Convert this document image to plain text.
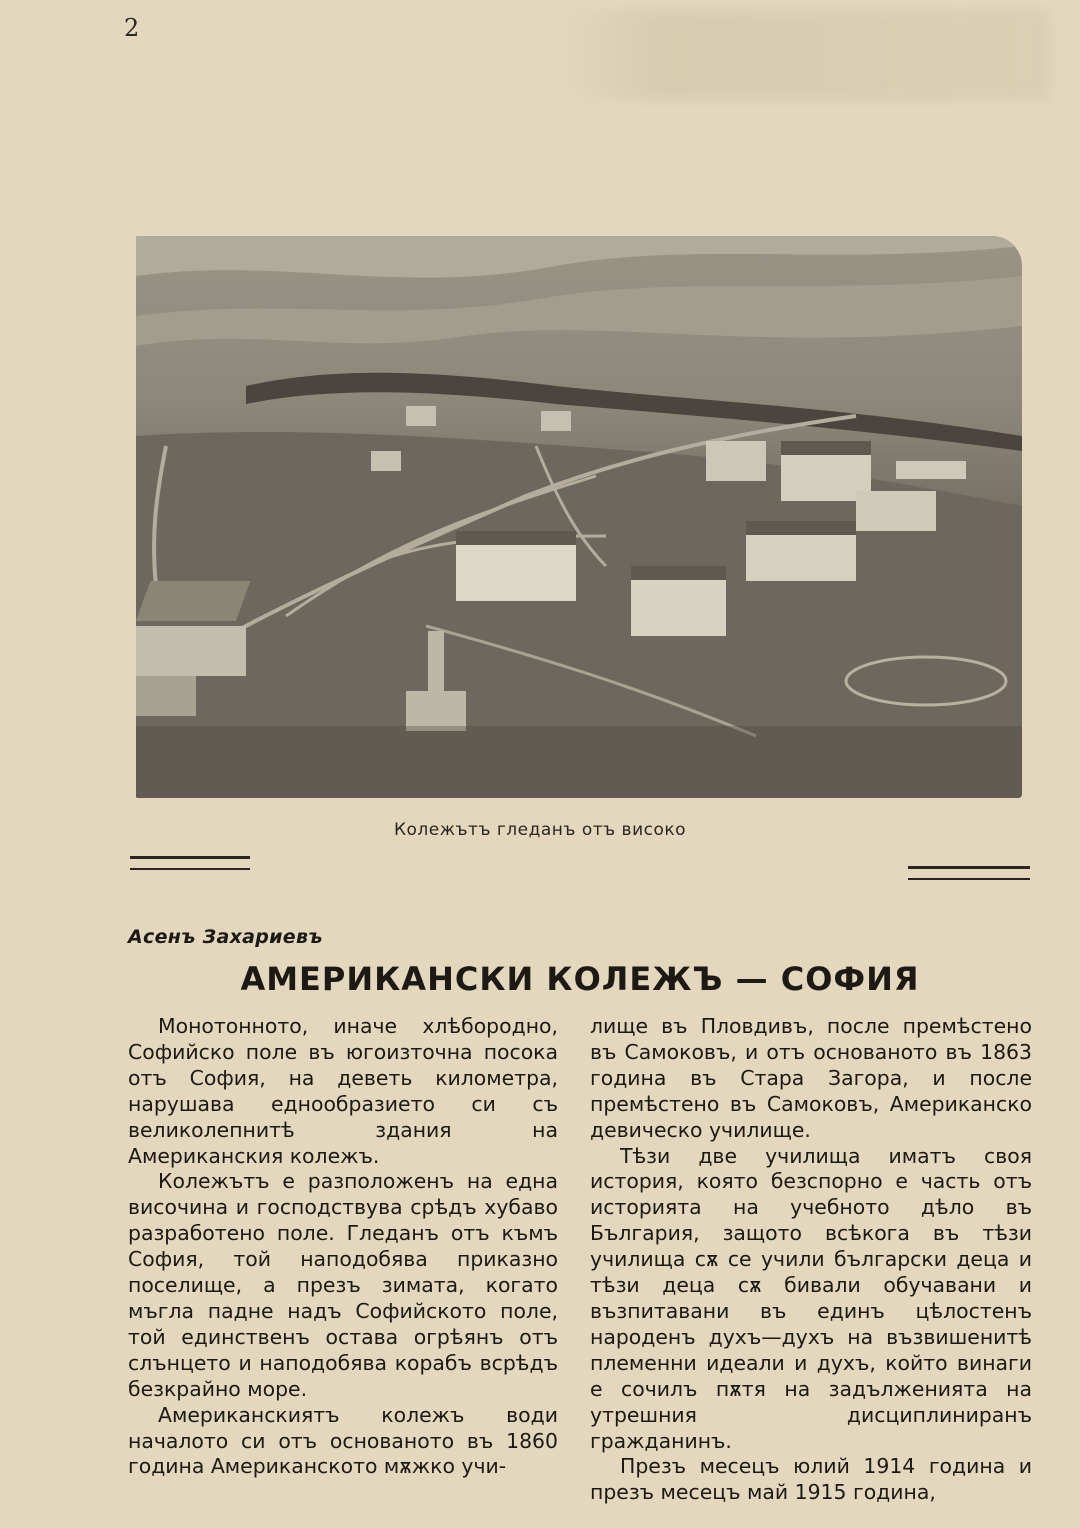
2
Колежътъ гледанъ отъ високо
Асенъ Захариевъ
АМЕРИКАНСКИ КОЛЕЖЪ — СОФИЯ

Монотонното, иначе хлѣбородно, Софийско поле въ югоизточна посока отъ София, на деветь километра, нарушава еднообразието си съ великолепнитѣ здания на Американския колежъ.

Колежътъ е разположенъ на една височина и господствува срѣдъ хубаво разработено поле. Гледанъ отъ къмъ София, той наподобява приказно поселище, а презъ зимата, когато мъгла падне надъ Софийското поле, той единственъ остава огрѣянъ отъ слънцето и наподобява корабъ всрѣдъ безкрайно море.

Американскиятъ колежъ води началото си отъ основаното въ 1860 година Американското мѫжко учи-

лище въ Пловдивъ, после премѣстено въ Самоковъ, и отъ основаното въ 1863 година въ Стара Загора, и после премѣстено въ Самоковъ, Американско девическо училище.

Тѣзи две училища иматъ своя история, която безспорно е часть отъ историята на учебното дѣло въ България, защото всѣкога въ тѣзи училища сѫ се учили български деца и тѣзи деца сѫ бивали обучавани и възпитавани въ единъ цѣлостенъ народенъ духъ—духъ на възвишенитѣ племенни идеали и духъ, който винаги е сочилъ пѫтя на задълженията на утрешния дисциплиниранъ гражданинъ.

Презъ месецъ юлий 1914 година и презъ месецъ май 1915 година,
